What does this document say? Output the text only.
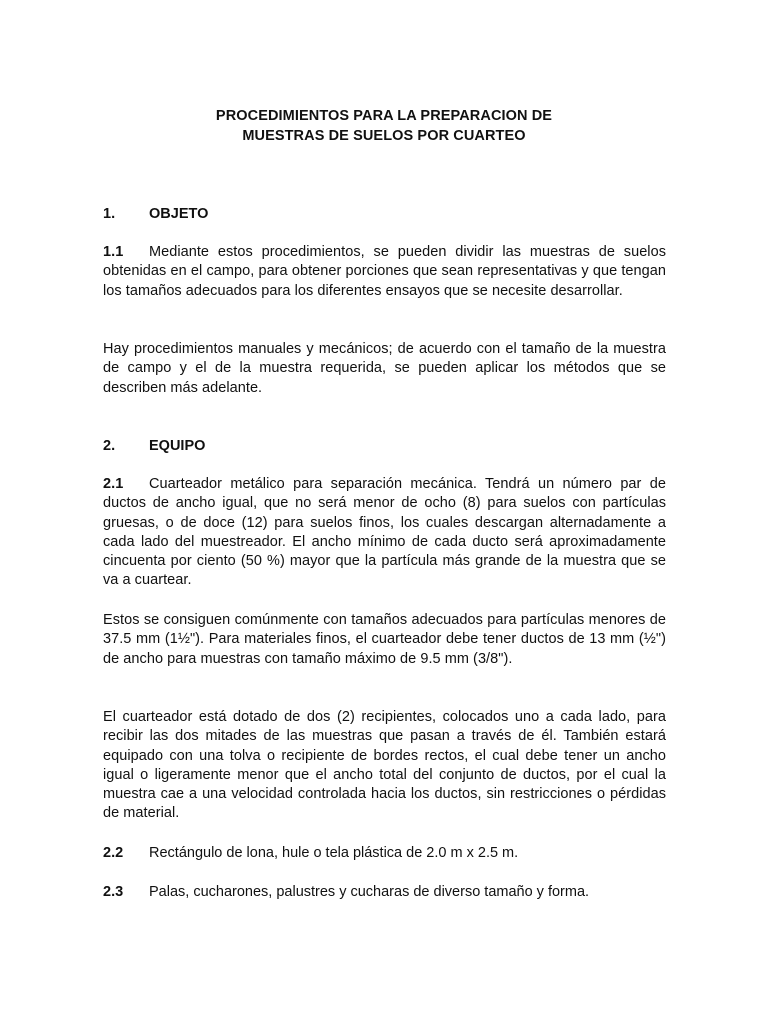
PROCEDIMIENTOS PARA LA PREPARACION DE
MUESTRAS DE SUELOS POR CUARTEO
1. OBJETO
1.1 Mediante estos procedimientos, se pueden dividir las muestras de suelos obtenidas en el campo, para obtener porciones que sean representativas y que tengan los tamaños adecuados para los diferentes ensayos que se necesite desarrollar.
Hay procedimientos manuales y mecánicos; de acuerdo con el tamaño de la muestra de campo y el de la muestra requerida, se pueden aplicar los métodos que se describen más adelante.
2. EQUIPO
2.1 Cuarteador metálico para separación mecánica. Tendrá un número par de ductos de ancho igual, que no será menor de ocho (8) para suelos con partículas gruesas, o de doce (12) para suelos finos, los cuales descargan alternadamente a cada lado del muestreador. El ancho mínimo de cada ducto será aproximadamente cincuenta por ciento (50 %) mayor que la partícula más grande de la muestra que se va a cuartear.
Estos se consiguen comúnmente con tamaños adecuados para partículas menores de 37.5 mm (1½"). Para materiales finos, el cuarteador debe tener ductos de 13 mm (½") de ancho para muestras con tamaño máximo de 9.5 mm (3/8").
El cuarteador está dotado de dos (2) recipientes, colocados uno a cada lado, para recibir las dos mitades de las muestras que pasan a través de él. También estará equipado con una tolva o recipiente de bordes rectos, el cual debe tener un ancho igual o ligeramente menor que el ancho total del conjunto de ductos, por el cual la muestra cae a una velocidad controlada hacia los ductos, sin restricciones o pérdidas de material.
2.2 Rectángulo de lona, hule o tela plástica de 2.0 m x 2.5 m.
2.3 Palas, cucharones, palustres y cucharas de diverso tamaño y forma.
